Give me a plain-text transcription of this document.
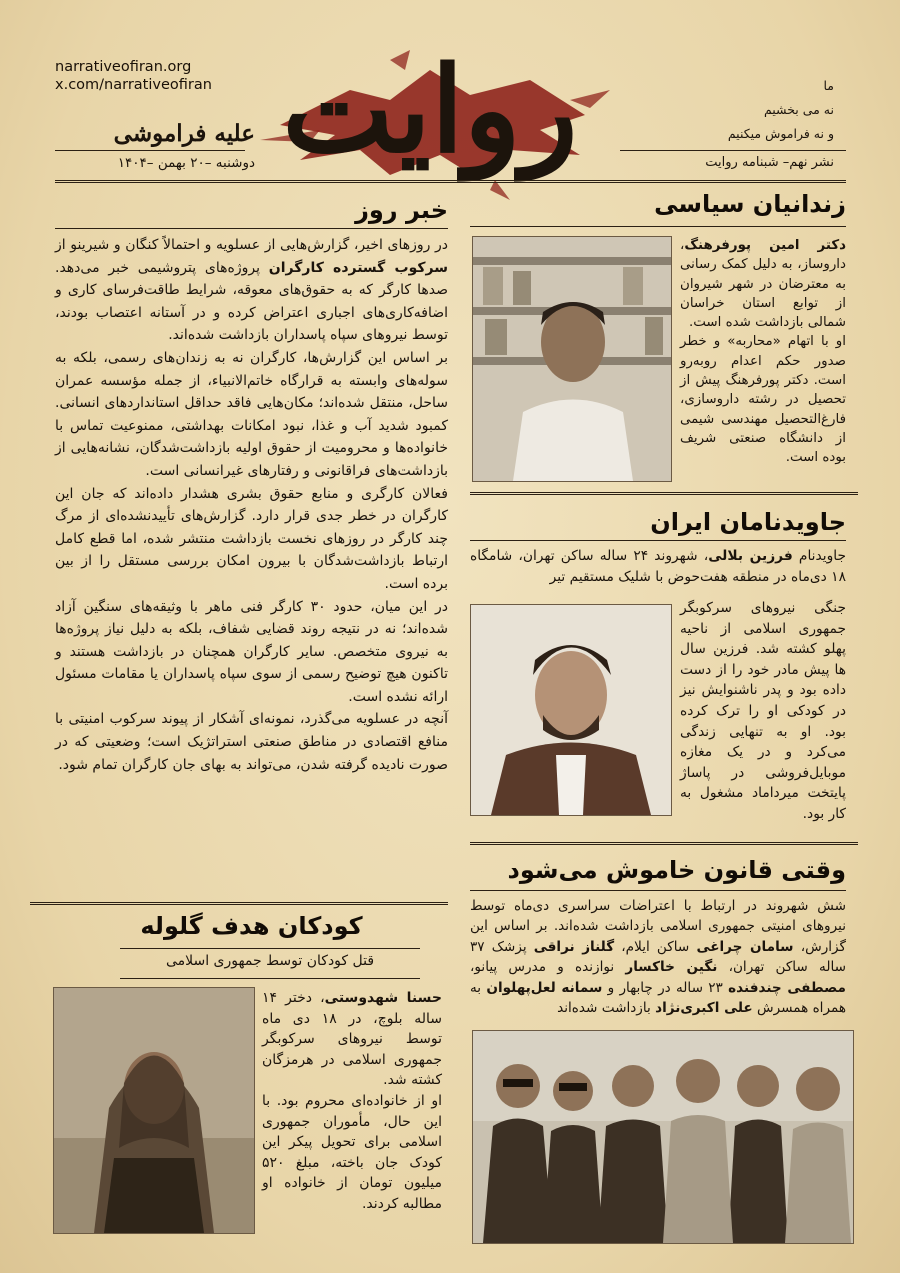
narrativeofiran.org
x.com/narrativeofiran روایت	ما
نه می بخشیم
و نه فراموش میکنیم
علیه فراموشی
دوشنبه –۲۰ بهمن –۱۴۰۴	نشر نهم– شبنامه روایت
خبر روز
در روزهای اخیر، گزارش‌هایی از عسلویه و احتمالاً کنگان و شیرینو از سرکوب گسترده کارگران پروژه‌های پتروشیمی خبر می‌دهد. صدها کارگر که به حقوق‌های معوقه، شرایط طاقت‌فرسای کاری و اضافه‌کاری‌های اجباری اعتراض کرده و در آستانه اعتصاب بودند، توسط نیروهای سپاه پاسداران بازداشت شده‌اند.
بر اساس این گزارش‌ها، کارگران نه به زندان‌های رسمی، بلکه به سوله‌های وابسته به قرارگاه خاتم‌الانبیاء، از جمله مؤسسه عمران ساحل، منتقل شده‌اند؛ مکان‌هایی فاقد حداقل استانداردهای انسانی. کمبود شدید آب و غذا، نبود امکانات بهداشتی، ممنوعیت تماس با خانواده‌ها و محرومیت از حقوق اولیه بازداشت‌شدگان، نشانه‌هایی از بازداشت‌های فراقانونی و رفتارهای غیرانسانی است.
فعالان کارگری و منابع حقوق بشری هشدار داده‌اند که جان این کارگران در خطر جدی قرار دارد. گزارش‌های تأییدنشده‌ای از مرگ چند کارگر در روزهای نخست بازداشت منتشر شده، اما قطع کامل ارتباط بازداشت‌شدگان با بیرون امکان بررسی مستقل را از بین برده است.
در این میان، حدود ۳۰ کارگر فنی ماهر با وثیقه‌های سنگین آزاد شده‌اند؛ نه در نتیجه روند قضایی شفاف، بلکه به دلیل نیاز پروژه‌ها به نیروی متخصص. سایر کارگران همچنان در بازداشت هستند و تاکنون هیچ توضیح رسمی از سوی سپاه پاسداران یا مقامات مسئول ارائه نشده است.
آنچه در عسلویه می‌گذرد، نمونه‌ای آشکار از پیوند سرکوب امنیتی با منافع اقتصادی در مناطق صنعتی استراتژیک است؛ وضعیتی که در صورت نادیده گرفته شدن، می‌تواند به بهای جان کارگران تمام شود.
کودکان هدف گلوله
قتل کودکان توسط جمهوری اسلامی
حسنا شهدوستی، دختر ۱۴ ساله بلوچ، در ۱۸ دی ماه توسط نیروهای سرکوبگر جمهوری اسلامی در هرمزگان کشته شد.
او از خانواده‌ای محروم بود. با این حال، مأموران جمهوری اسلامی برای تحویل پیکر این کودک جان باخته، مبلغ ۵۲۰ میلیون تومان از خانواده او مطالبه کردند.
زندانیان سیاسی
دکتر امین پورفرهنگ، داروساز، به دلیل کمک رسانی به معترضان در شهر شیروان از توابع استان خراسان شمالی بازداشت شده است.
او با اتهام «محاربه» و خطر صدور حکم اعدام روبه‌رو است. دکتر پورفرهنگ پیش از تحصیل در رشته داروسازی، فارغ‌التحصیل مهندسی شیمی از دانشگاه صنعتی شریف بوده است.
جاویدنامان ایران
جاویدنام فرزین بلالی، شهروند ۲۴ ساله ساکن تهران، شامگاه ۱۸ دی‌ماه در منطقه هفت‌حوض با شلیک مستقیم تیر
جنگی نیروهای سرکوبگر جمهوری اسلامی از ناحیه پهلو کشته شد. فرزین سال ها پیش مادر خود را از دست داده بود و پدر ناشنوایش نیز در کودکی او را ترک کرده بود. او به تنهایی زندگی می‌کرد و در یک مغازه موبایل‌فروشی در پاساژ پایتخت میرداماد مشغول به کار بود.
وقتی قانون خاموش می‌شود
شش شهروند در ارتباط با اعتراضات سراسری دی‌ماه توسط نیروهای امنیتی جمهوری اسلامی بازداشت شده‌اند. بر اساس این گزارش، سامان چراغی ساکن ایلام، گلناز نراقی پزشک ۳۷ ساله ساکن تهران، نگین خاکسار نوازنده و مدرس پیانو، مصطفی چندفنده ۲۳ ساله در چابهار و سمانه لعل‌پهلوان به همراه همسرش علی اکبری‌نژاد بازداشت شده‌اند
